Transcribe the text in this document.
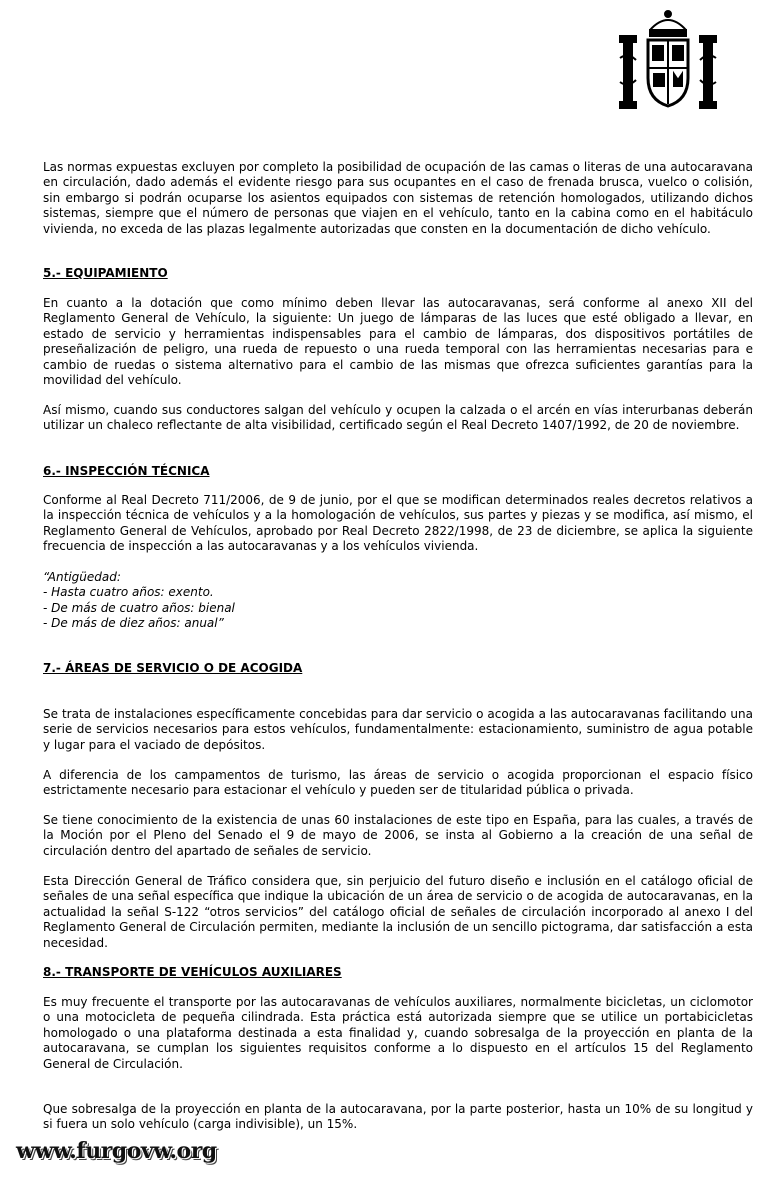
Las normas expuestas excluyen por completo la posibilidad de ocupación de las camas o literas de una autocaravana en circulación, dado además el evidente riesgo para sus ocupantes en el caso de frenada brusca, vuelco o colisión, sin embargo si podrán ocuparse los asientos equipados con sistemas de retención homologados, utilizando dichos sistemas, siempre que el número de personas que viajen en el vehículo, tanto en la cabina como en el habitáculo vivienda, no exceda de las plazas legalmente autorizadas que consten en la documentación de dicho vehículo.

5.- EQUIPAMIENTO

En cuanto a la dotación que como mínimo deben llevar las autocaravanas, será conforme al anexo XII del Reglamento General de Vehículo, la siguiente: Un juego de lámparas de las luces que esté obligado a llevar, en estado de servicio y herramientas indispensables para el cambio de lámparas, dos dispositivos portátiles de preseñalización de peligro, una rueda de repuesto o una rueda temporal con las herramientas necesarias para e cambio de ruedas o sistema alternativo para el cambio de las mismas que ofrezca suficientes garantías para la movilidad del vehículo.

Así mismo, cuando sus conductores salgan del vehículo y ocupen la calzada o el arcén en vías interurbanas deberán utilizar un chaleco reflectante de alta visibilidad, certificado según el Real Decreto 1407/1992, de 20 de noviembre.

6.- INSPECCIÓN TÉCNICA

Conforme al Real Decreto 711/2006, de 9 de junio, por el que se modifican determinados reales decretos relativos a la inspección técnica de vehículos y a la homologación de vehículos, sus partes y piezas y se modifica, así mismo, el Reglamento General de Vehículos, aprobado por Real Decreto 2822/1998, de 23 de diciembre, se aplica la siguiente frecuencia de inspección a las autocaravanas y a los vehículos vivienda.

“Antigüedad:

- Hasta cuatro años: exento.

- De más de cuatro años: bienal

- De más de diez años: anual”

7.- ÁREAS DE SERVICIO O DE ACOGIDA

Se trata de instalaciones específicamente concebidas para dar servicio o acogida a las autocaravanas facilitando una serie de servicios necesarios para estos vehículos, fundamentalmente: estacionamiento, suministro de agua potable y lugar para el vaciado de depósitos.

A diferencia de los campamentos de turismo, las áreas de servicio o acogida proporcionan el espacio físico estrictamente necesario para estacionar el vehículo y pueden ser de titularidad pública o privada.

Se tiene conocimiento de la existencia de unas 60 instalaciones de este tipo en España, para las cuales, a través de la Moción por el Pleno del Senado el 9 de mayo de 2006, se insta al Gobierno a la creación de una señal de circulación dentro del apartado de señales de servicio.

Esta Dirección General de Tráfico considera que, sin perjuicio del futuro diseño e inclusión en el catálogo oficial de señales de una señal específica que indique la ubicación de un área de servicio o de acogida de autocaravanas, en la actualidad la señal S-122 “otros servicios” del catálogo oficial de señales de circulación incorporado al anexo I del Reglamento General de Circulación permiten, mediante la inclusión de un sencillo pictograma, dar satisfacción a esta necesidad.

8.- TRANSPORTE DE VEHÍCULOS AUXILIARES

Es muy frecuente el transporte por las autocaravanas de vehículos auxiliares, normalmente bicicletas, un ciclomotor o una motocicleta de pequeña cilindrada. Esta práctica está autorizada siempre que se utilice un portabicicletas homologado o una plataforma destinada a esta finalidad y, cuando sobresalga de la proyección en planta de la autocaravana, se cumplan los siguientes requisitos conforme a lo dispuesto en el artículos 15 del Reglamento General de Circulación.

Que sobresalga de la proyección en planta de la autocaravana, por la parte posterior, hasta un 10% de su longitud y si fuera un solo vehículo (carga indivisible), un 15%.

www.furgovw.org
